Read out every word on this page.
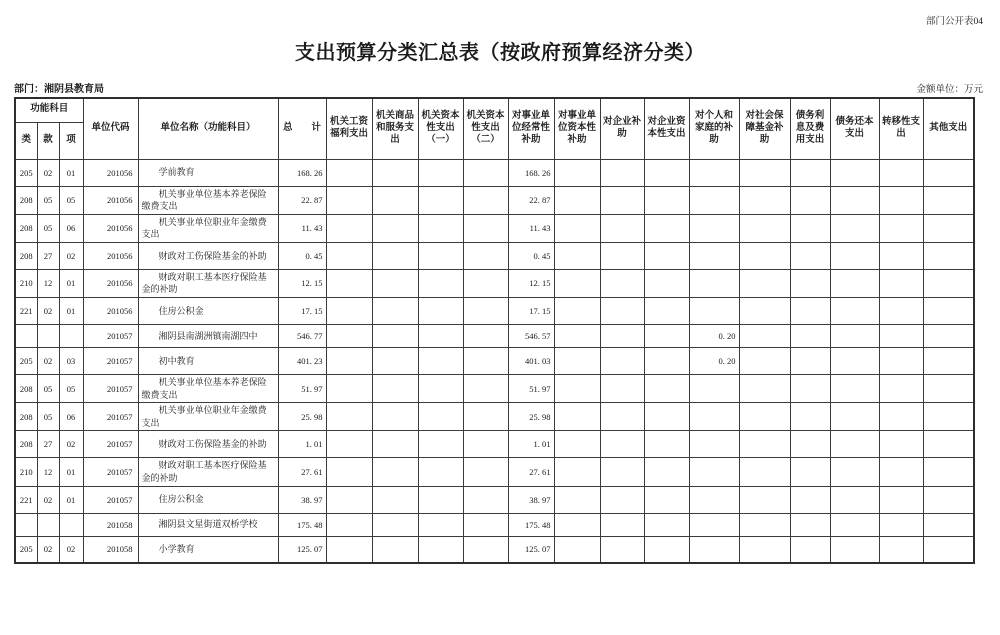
部门公开表04
支出预算分类汇总表（按政府预算经济分类）
部门：湘阴县教育局	金额单位：万元
功能科目			单位代码	单位名称（功能科目）	总　　计	机关工资福利支出	机关商品和服务支出	机关资本性支出（一）	机关资本性支出（二）	对事业单位经常性补助	对事业单位资本性补助	对企业补助	对企业资本性支出	对个人和家庭的补助	对社会保障基金补助	债务利息及费用支出	债务还本支出	转移性支出	其他支出
类	款	项																	
205	02	01	201056	学前教育	168. 26					168. 26									
208	05	05	201056	机关事业单位基本养老保险缴费支出	22. 87					22. 87									
208	05	06	201056	机关事业单位职业年金缴费支出	11. 43					11. 43									
208	27	02	201056	财政对工伤保险基金的补助	0. 45					0. 45									
210	12	01	201056	财政对职工基本医疗保险基金的补助	12. 15					12. 15									
221	02	01	201056	住房公积金	17. 15					17. 15									
			201057	湘阴县南湖洲镇南湖四中	546. 77					546. 57				0. 20					
205	02	03	201057	初中教育	401. 23					401. 03				0. 20					
208	05	05	201057	机关事业单位基本养老保险缴费支出	51. 97					51. 97									
208	05	06	201057	机关事业单位职业年金缴费支出	25. 98					25. 98									
208	27	02	201057	财政对工伤保险基金的补助	1. 01					1. 01									
210	12	01	201057	财政对职工基本医疗保险基金的补助	27. 61					27. 61									
221	02	01	201057	住房公积金	38. 97					38. 97									
			201058	湘阴县文星街道双桥学校	175. 48					175. 48									
205	02	02	201058	小学教育	125. 07					125. 07									
